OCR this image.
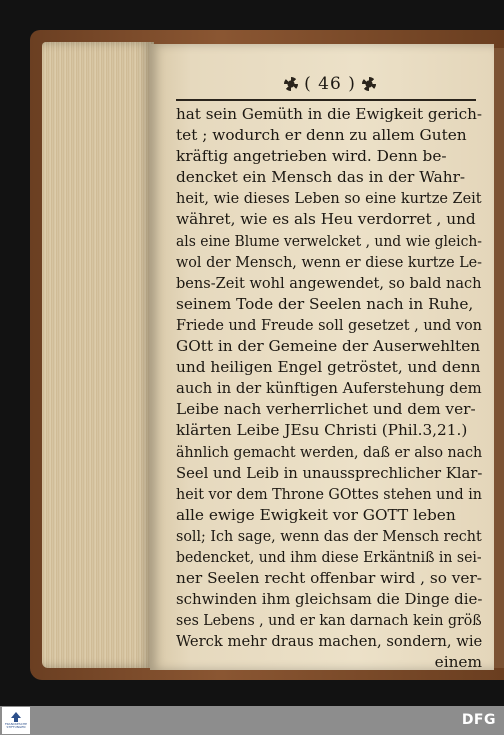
( 46 )
hat sein Gemüth in die Ewigkeit gerich-
tet ; wodurch er denn zu allem Guten
kräftig angetrieben wird. Denn be-
dencket ein Mensch das in der Wahr-
heit, wie dieses Leben so eine kurtze Zeit
währet, wie es als Heu verdorret , und
als eine Blume verwelcket , und wie gleich-
wol der Mensch, wenn er diese kurtze Le-
bens-Zeit wohl angewendet, so bald nach
seinem Tode der Seelen nach in Ruhe,
Friede und Freude soll gesetzet , und von
GOtt in der Gemeine der Auserwehlten
und heiligen Engel getröstet, und denn
auch in der künftigen Auferstehung dem
Leibe nach verherrlichet und dem ver-
klärten Leibe JEsu Christi (Phil.3,21.)
ähnlich gemacht werden, daß er also nach
Seel und Leib in unaussprechlicher Klar-
heit vor dem Throne GOttes stehen und in
alle ewige Ewigkeit vor GOTT leben
soll; Ich sage, wenn das der Mensch recht
bedencket, und ihm diese Erkäntniß in sei-
ner Seelen recht offenbar wird , so ver-
schwinden ihm gleichsam die Dinge die-
ses Lebens , und er kan darnach kein größ
Werck mehr draus machen, sondern, wie
einem
FRANCKESCHE STIFTUNGEN	DFG
